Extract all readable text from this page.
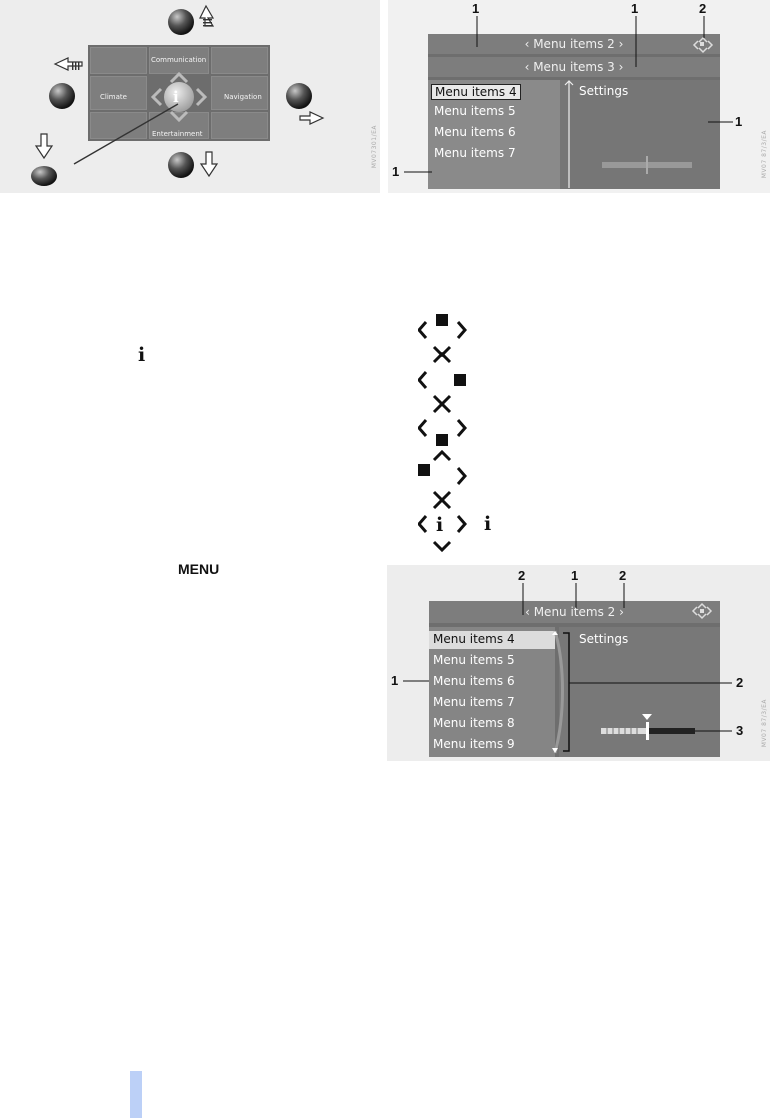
Communication
Climate	Navigation
Entertainment
i
MV07301/EA
‹ Menu items 2 ›
‹ Menu items 3 ›
Menu items 4
Menu items 5
Menu items 6
Menu items 7
Settings
1	1	2
1
1	MV07 87/3/EA
i
MENU
i i
‹ Menu items 2 ›
Menu items 4
Menu items 5
Menu items 6
Menu items 7
Menu items 8
Menu items 9
Settings
2	1	2
1	2
3	MV07 87/3/EA
